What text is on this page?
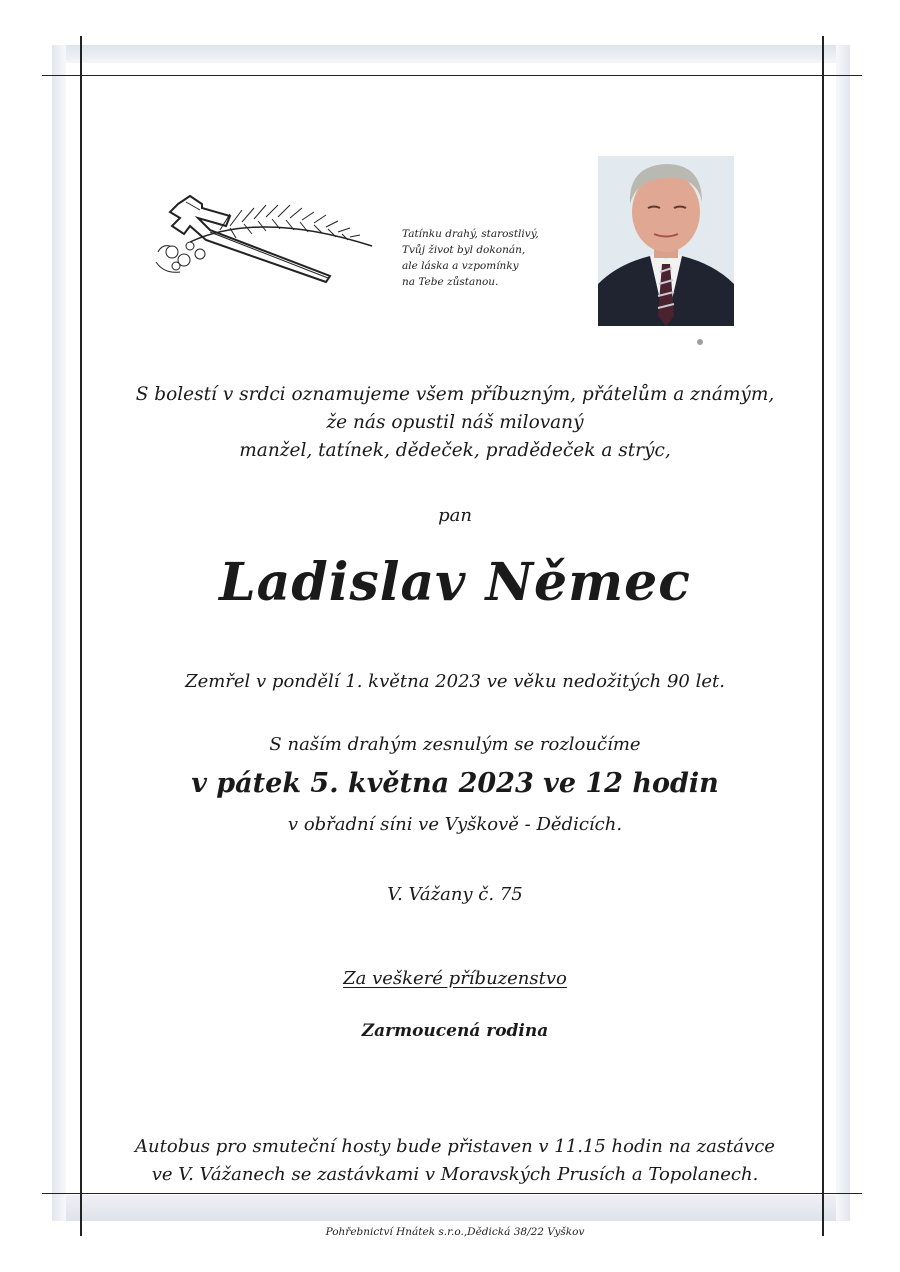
Tatínku drahý, starostlivý,
Tvůj život byl dokonán,
ale láska a vzpomínky
na Tebe zůstanou.
S bolestí v srdci oznamujeme všem příbuzným, přátelům a známým,
že nás opustil náš milovaný
manžel, tatínek, dědeček, pradědeček a strýc,
pan
Ladislav Němec
Zemřel v pondělí 1. května 2023 ve věku nedožitých 90 let.
S naším drahým zesnulým se rozloučíme
v pátek 5. května 2023 ve 12 hodin
v obřadní síni ve Vyškově - Dědicích.
V. Vážany č. 75
Za veškeré příbuzenstvo
Zarmoucená rodina
Autobus pro smuteční hosty bude přistaven v 11.15 hodin na zastávce
ve V. Vážanech se zastávkami v Moravských Prusích a Topolanech.
Pohřebnictví Hnátek s.r.o.,Dědická 38/22 Vyškov
